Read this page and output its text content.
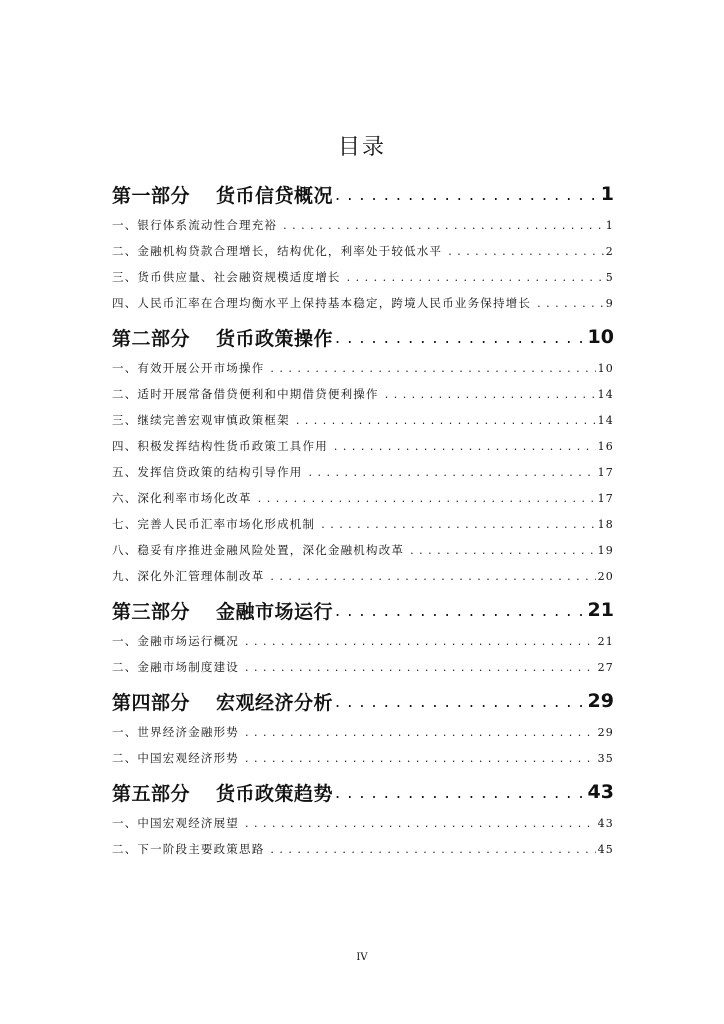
目录
第一部分 货币信贷概况 . . .	1
一、银行体系流动性合理充裕 . . .	1
二、金融机构贷款合理增长，结构优化，利率处于较低水平 . . .	2
三、货币供应量、社会融资规模适度增长 . . .	5
四、人民币汇率在合理均衡水平上保持基本稳定，跨境人民币业务保持增长 . . .	9
第二部分 货币政策操作 . . .	10
一、有效开展公开市场操作 . . .	10
二、适时开展常备借贷便利和中期借贷便利操作 . . .	14
三、继续完善宏观审慎政策框架 . . .	14
四、积极发挥结构性货币政策工具作用 . . .	16
五、发挥信贷政策的结构引导作用 . . .	17
六、深化利率市场化改革 . . .	17
七、完善人民币汇率市场化形成机制 . . .	18
八、稳妥有序推进金融风险处置，深化金融机构改革 . . .	19
九、深化外汇管理体制改革 . . .	20
第三部分 金融市场运行 . . .	21
一、金融市场运行概况 . . .	21
二、金融市场制度建设 . . .	27
第四部分 宏观经济分析 . . .	29
一、世界经济金融形势 . . .	29
二、中国宏观经济形势 . . .	35
第五部分 货币政策趋势 . . .	43
一、中国宏观经济展望 . . .	43
二、下一阶段主要政策思路 . . .	45
IV
